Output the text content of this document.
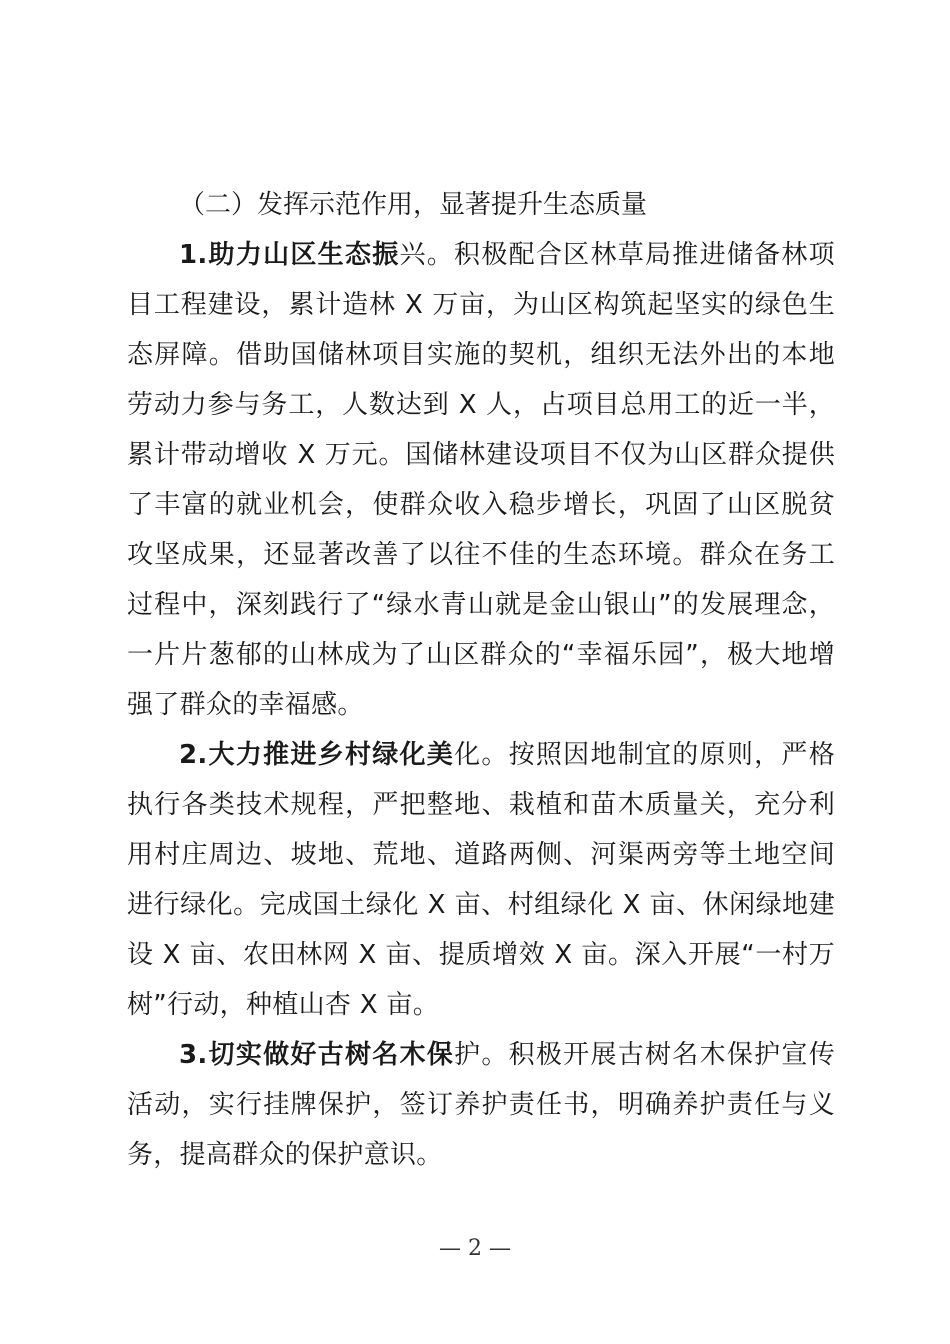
（二）发挥示范作用，显著提升生态质量

1.助力山区生态振兴。积极配合区林草局推进储备林项目工程建设，累计造林 X 万亩，为山区构筑起坚实的绿色生态屏障。借助国储林项目实施的契机，组织无法外出的本地劳动力参与务工，人数达到 X 人，占项目总用工的近一半，累计带动增收 X 万元。国储林建设项目不仅为山区群众提供了丰富的就业机会，使群众收入稳步增长，巩固了山区脱贫攻坚成果，还显著改善了以往不佳的生态环境。群众在务工过程中，深刻践行了“绿水青山就是金山银山”的发展理念，一片片葱郁的山林成为了山区群众的“幸福乐园”，极大地增强了群众的幸福感。

2.大力推进乡村绿化美化。按照因地制宜的原则，严格执行各类技术规程，严把整地、栽植和苗木质量关，充分利用村庄周边、坡地、荒地、道路两侧、河渠两旁等土地空间进行绿化。完成国土绿化 X 亩、村组绿化 X 亩、休闲绿地建设 X 亩、农田林网 X 亩、提质增效 X 亩。深入开展“一村万树”行动，种植山杏 X 亩。

3.切实做好古树名木保护。积极开展古树名木保护宣传活动，实行挂牌保护，签订养护责任书，明确养护责任与义务，提高群众的保护意识。

— 2 —
